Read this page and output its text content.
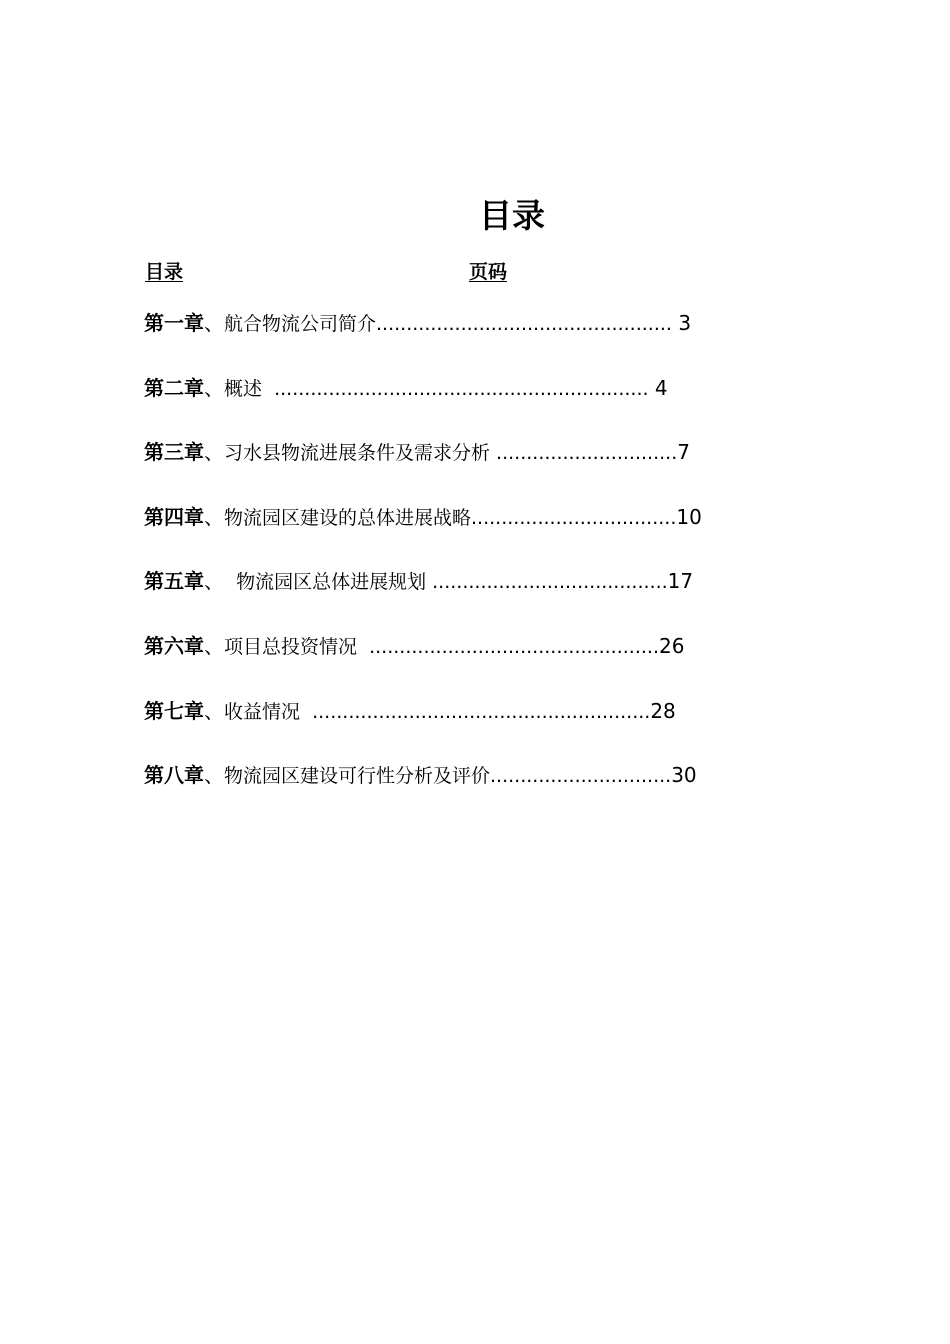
目录
目录	页码
第一章、航合物流公司简介................................................. 3
第二章、概述  .............................................................. 4
第三章、习水县物流进展条件及需求分析 ..............................7
第四章、物流园区建设的总体进展战略..................................10
第五章、  物流园区总体进展规划 .......................................17
第六章、项目总投资情况  ................................................26
第七章、收益情况  ........................................................28
第八章、物流园区建设可行性分析及评价..............................30
